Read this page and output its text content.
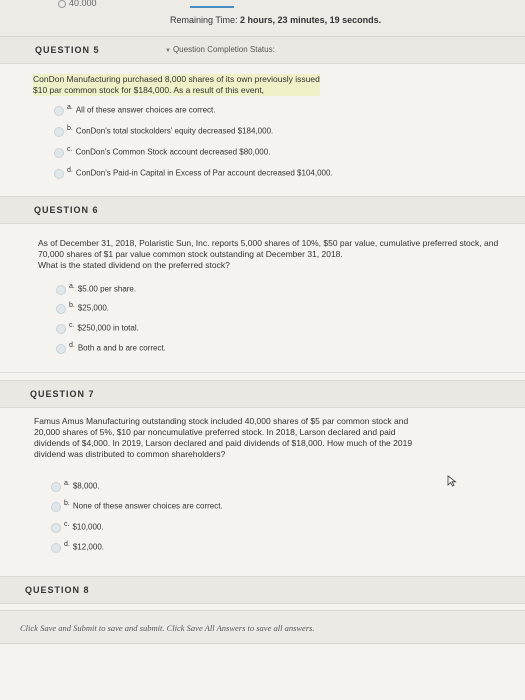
40.000
Remaining Time: 2 hours, 23 minutes, 19 seconds.
QUESTION 5	▼ Question Completion Status:
ConDon Manufacturing purchased 8,000 shares of its own previously issued
$10 par common stock for $184,000. As a result of this event,
a. All of these answer choices are correct.
b. ConDon's total stockolders' equity decreased $184,000.
c. ConDon's Common Stock account decreased $80,000.
d. ConDon's Paid-in Capital in Excess of Par account decreased $104,000.
QUESTION 6
As of December 31, 2018, Polaristic Sun, Inc. reports 5,000 shares of 10%, $50 par value, cumulative preferred stock, and
70,000 shares of $1 par value common stock outstanding at December 31, 2018.
What is the stated dividend on the preferred stock?
a. $5.00 per share.
b. $25,000.
c. $250,000 in total.
d. Both a and b are correct.
QUESTION 7
Famus Amus Manufacturing outstanding stock included 40,000 shares of $5 par common stock and
20,000 shares of 5%, $10 par noncumulative preferred stock. In 2018, Larson declared and paid
dividends of $4,000. In 2019, Larson declared and paid dividends of $18,000. How much of the 2019
dividend was distributed to common shareholders?
a. $8,000.
b. None of these answer choices are correct.
c. $10,000.
d. $12,000.
QUESTION 8
Click Save and Submit to save and submit. Click Save All Answers to save all answers.
